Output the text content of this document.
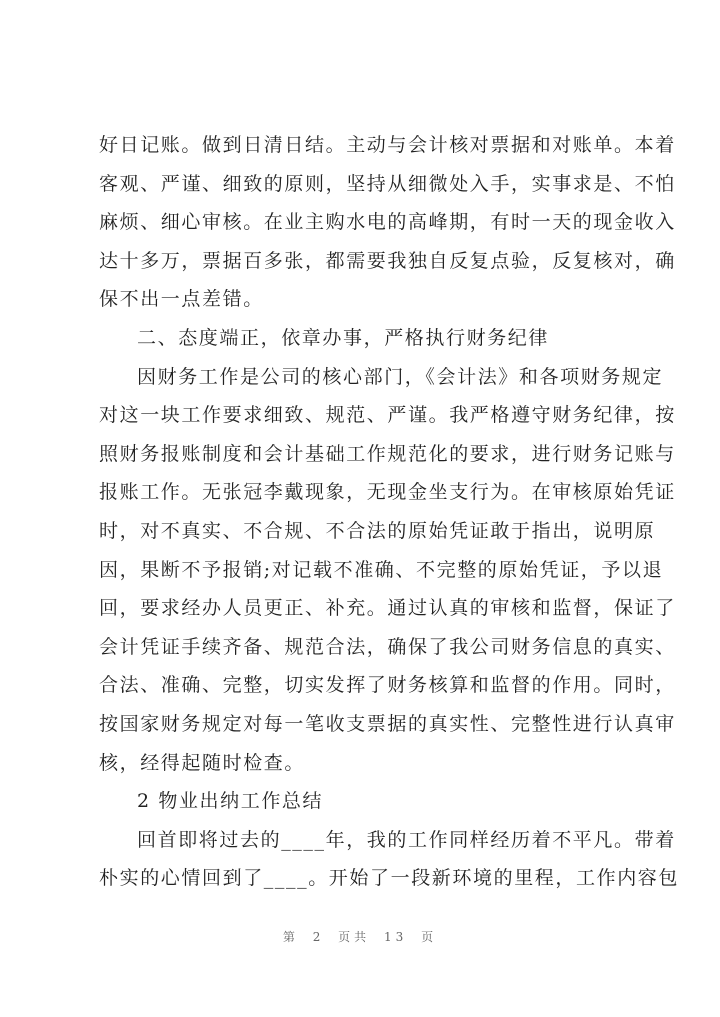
好日记账。做到日清日结。主动与会计核对票据和对账单。本着
客观、严谨、细致的原则，坚持从细微处入手，实事求是、不怕
麻烦、细心审核。在业主购水电的高峰期，有时一天的现金收入
达十多万，票据百多张，都需要我独自反复点验，反复核对，确
保不出一点差错。
二、态度端正，依章办事，严格执行财务纪律
因财务工作是公司的核心部门，《会计法》和各项财务规定
对这一块工作要求细致、规范、严谨。我严格遵守财务纪律，按
照财务报账制度和会计基础工作规范化的要求，进行财务记账与
报账工作。无张冠李戴现象，无现金坐支行为。在审核原始凭证
时，对不真实、不合规、不合法的原始凭证敢于指出，说明原
因，果断不予报销;对记载不准确、不完整的原始凭证，予以退
回，要求经办人员更正、补充。通过认真的审核和监督，保证了
会计凭证手续齐备、规范合法，确保了我公司财务信息的真实、
合法、准确、完整，切实发挥了财务核算和监督的作用。同时，
按国家财务规定对每一笔收支票据的真实性、完整性进行认真审
核，经得起随时检查。
2 物业出纳工作总结
回首即将过去的____年，我的工作同样经历着不平凡。带着
朴实的心情回到了____。开始了一段新环境的里程，工作内容包
第 2 页共 13 页
